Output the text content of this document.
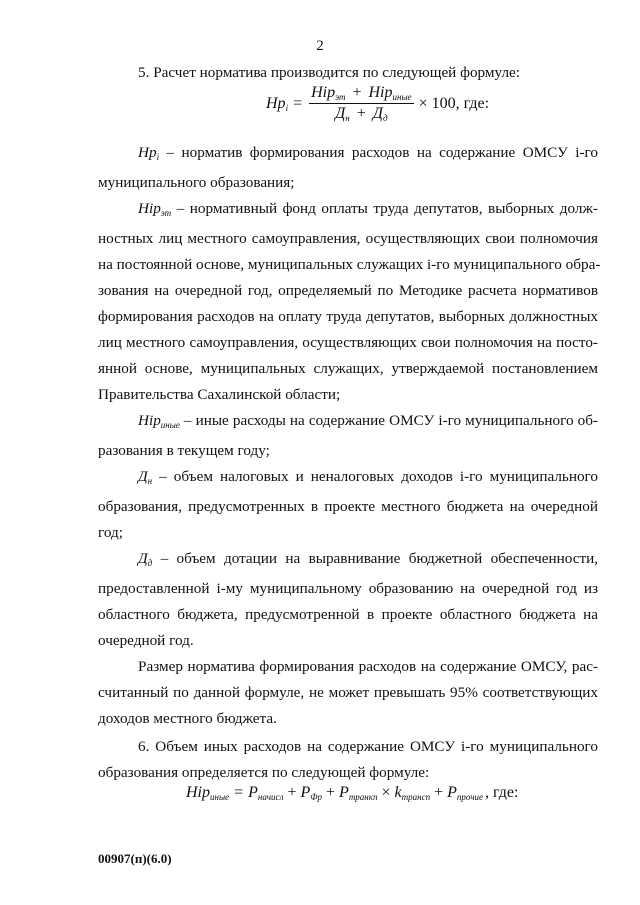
2
5. Расчет норматива производится по следующей формуле:
$Нр_i = \frac{Нір_{эт} + Нір_{иные}}{Д_н + Д_д} \times 100$, где:
$Нр_i$ – норматив формирования расходов на содержание ОМСУ i-го
муниципального образования;
Нір$_{эт}$ – нормативный фонд оплаты труда депутатов, выборных долж-
ностных лиц местного самоуправления, осуществляющих свои полномочия
на постоянной основе, муниципальных служащих i-го муниципального обра-
зования на очередной год, определяемый по Методике расчета нормативов
формирования расходов на оплату труда депутатов, выборных должностных
лиц местного самоуправления, осуществляющих свои полномочия на посто-
янной основе, муниципальных служащих, утверждаемой постановлением
Правительства Сахалинской области;
Нір$_{иные}$ – иные расходы на содержание ОМСУ i-го муниципального об-
разования в текущем году;
$Д_н$ – объем налоговых и неналоговых доходов i-го муниципального
образования, предусмотренных в проекте местного бюджета на очередной
год;
$Д_д$ – объем дотации на выравнивание бюджетной обеспеченности,
предоставленной i-му муниципальному образованию на очередной год из
областного бюджета, предусмотренной в проекте областного бюджета на
очередной год.
Размер норматива формирования расходов на содержание ОМСУ, рас-
считанный по данной формуле, не может превышать 95% соответствующих
доходов местного бюджета.
6. Объем иных расходов на содержание ОМСУ i-го муниципального
образования определяется по следующей формуле:
$Нір_{иные} = Р_{начисл} + Р_{Фр} + Р_{транкп} \times k_{трансп} + Р_{прочие}$ , где:
00907(п)(6.0)
